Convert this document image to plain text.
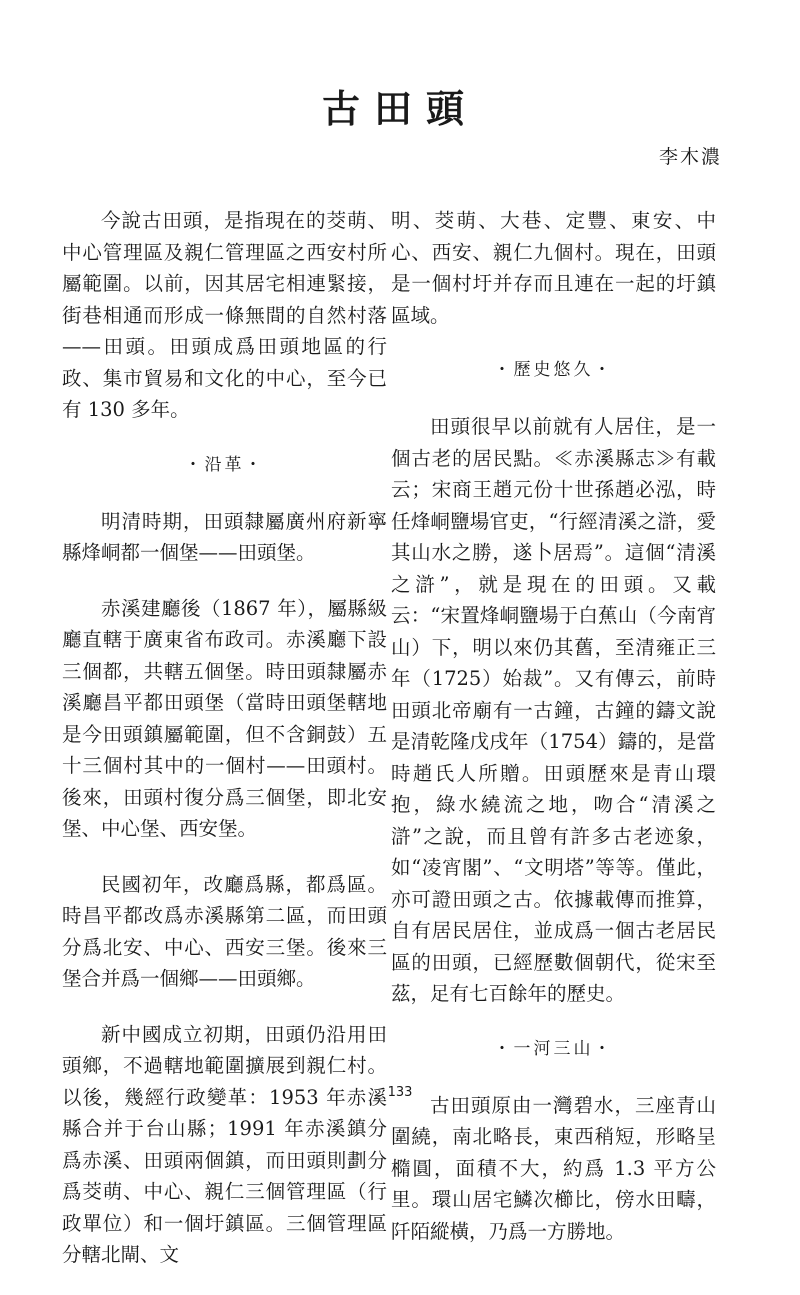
古田頭
李木濃

今說古田頭，是指現在的茭萌、中心管理區及親仁管理區之西安村所屬範圍。以前，因其居宅相連緊接，街巷相通而形成一條無間的自然村落——田頭。田頭成爲田頭地區的行政、集市貿易和文化的中心，至今已有 130 多年。

・沿革・

明清時期，田頭隸屬廣州府新寧縣烽峒都一個堡——田頭堡。

赤溪建廳後（1867 年），屬縣級廳直轄于廣東省布政司。赤溪廳下設三個都，共轄五個堡。時田頭隸屬赤溪廳昌平都田頭堡（當時田頭堡轄地是今田頭鎮屬範圍，但不含銅鼓）五十三個村其中的一個村——田頭村。後來，田頭村復分爲三個堡，即北安堡、中心堡、西安堡。

民國初年，改廳爲縣，都爲區。時昌平都改爲赤溪縣第二區，而田頭分爲北安、中心、西安三堡。後來三堡合并爲一個鄉——田頭鄉。

新中國成立初期，田頭仍沿用田頭鄉，不過轄地範圍擴展到親仁村。以後，幾經行政變革：1953 年赤溪縣合并于台山縣；1991 年赤溪鎮分爲赤溪、田頭兩個鎮，而田頭則劃分爲茭萌、中心、親仁三個管理區（行政單位）和一個圩鎮區。三個管理區分轄北閘、文

明、茭萌、大巷、定豐、東安、中心、西安、親仁九個村。現在，田頭是一個村圩并存而且連在一起的圩鎮區域。

・歷史悠久・

田頭很早以前就有人居住，是一個古老的居民點。≪赤溪縣志≫有載云；宋商王趙元份十世孫趙必泓，時任烽峒鹽場官吏，“行經清溪之滸，愛其山水之勝，遂卜居焉”。這個“清溪之滸”，就是現在的田頭。又載云：“宋置烽峒鹽場于白蕉山（今南宵山）下，明以來仍其舊，至清雍正三年（1725）始裁”。又有傳云，前時田頭北帝廟有一古鐘，古鐘的鑄文說是清乾隆戊戌年（1754）鑄的，是當時趙氏人所贈。田頭歷來是青山環抱，綠水繞流之地，吻合“清溪之滸”之說，而且曾有許多古老迹象，如“凌宵閣”、“文明塔”等等。僅此，亦可證田頭之古。依據載傳而推算，自有居民居住，並成爲一個古老居民區的田頭，已經歷數個朝代，從宋至茲，足有七百餘年的歷史。

・一河三山・

古田頭原由一灣碧水，三座青山圍繞，南北略長，東西稍短，形略呈橢圓，面積不大，約爲 1.3 平方公里。環山居宅鱗次櫛比，傍水田疇，阡陌縱橫，乃爲一方勝地。

133
